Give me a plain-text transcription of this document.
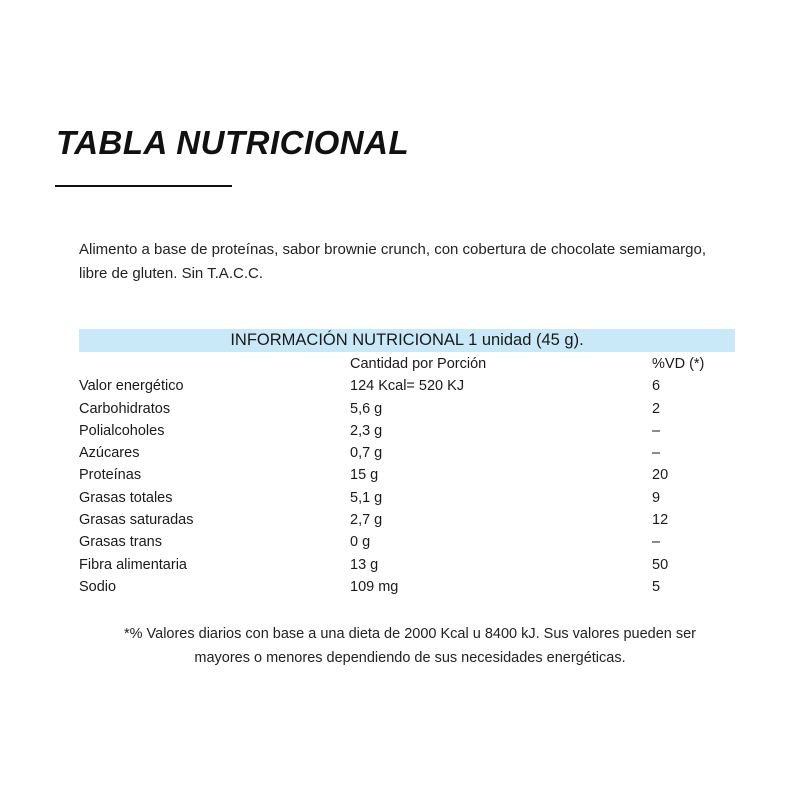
TABLA NUTRICIONAL

Alimento a base de proteínas, sabor brownie crunch, con cobertura de chocolate semiamargo, libre de gluten. Sin T.A.C.C.

INFORMACIÓN NUTRICIONAL 1 unidad (45 g).
	Cantidad por Porción	%VD (*)
Valor energético	124 Kcal= 520 KJ	6
Carbohidratos	5,6 g	2
Polialcoholes	2,3 g	–
Azúcares	0,7 g	–
Proteínas	15 g	20
Grasas totales	5,1 g	9
Grasas saturadas	2,7 g	12
Grasas trans	0 g	–
Fibra alimentaria	13 g	50
Sodio	109 mg	5

*% Valores diarios con base a una dieta de 2000 Kcal u 8400 kJ. Sus valores pueden ser
mayores o menores dependiendo de sus necesidades energéticas.
